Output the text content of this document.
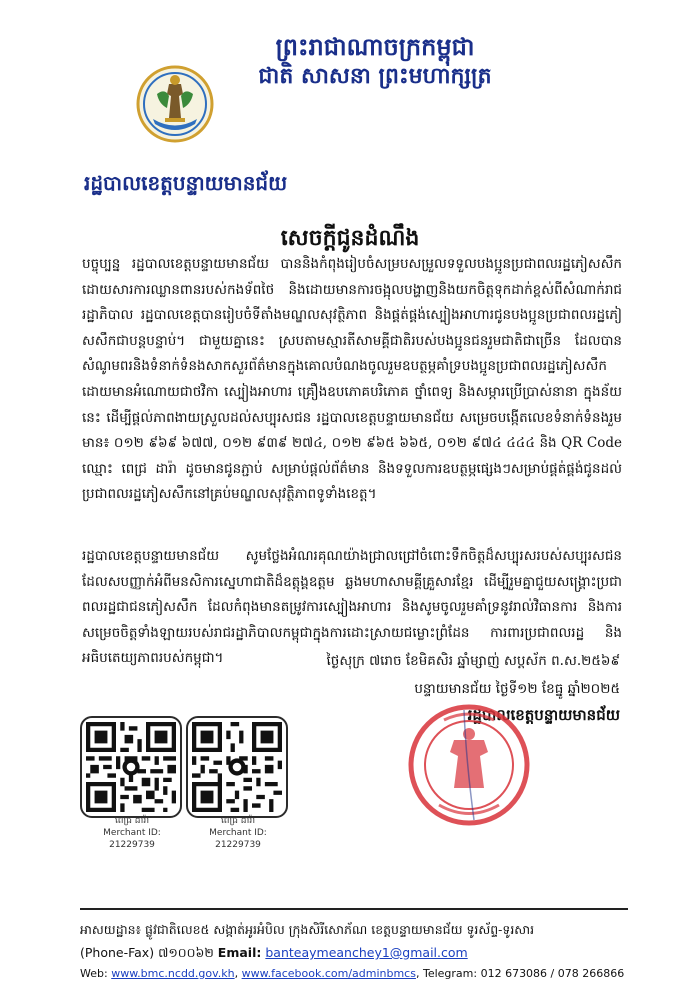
ព្រះរាជាណាចក្រកម្ពុជា
ជាតិ សាសនា ព្រះមហាក្សត្រ
រដ្ឋបាលខេត្តបន្ទាយមានជ័យ
សេចក្តីជូនដំណឹង
បច្ចុប្បន្ន រដ្ឋបាលខេត្តបន្ទាយមានជ័យ បាននិងកំពុងរៀបចំសម្របសម្រួលទទួលបងប្អូនប្រជាពលរដ្ឋភៀសសឹកដោយសារការឈ្លានពានរបស់កងទ័ពថៃ និងដោយមានការចង្អុលបង្ហាញនិងយកចិត្តទុកដាក់ខ្ពស់ពីសំណាក់រាជរដ្ឋាភិបាល រដ្ឋបាលខេត្តបានរៀបចំទីតាំងមណ្ឌលសុវត្ថិភាព និងផ្គត់ផ្គង់ស្បៀងអាហារជូនបងប្អូនប្រជាពលរដ្ឋភៀសសឹកជាបន្តបន្ទាប់។ ជាមួយគ្នានេះ ស្របតាមស្មារតីសាមគ្គីជាតិរបស់បងប្អូនជនរួមជាតិជាច្រើន ដែលបានសំណូមពរនិងទំនាក់ទំនងសាកសួរព័ត៌មានក្នុងគោលបំណងចូលរួមឧបត្ថម្ភគាំទ្របងប្អូនប្រជាពលរដ្ឋភៀសសឹក ដោយមានអំណោយជាថវិកា ស្បៀងអាហារ គ្រឿងឧបភោគបរិភោគ ថ្នាំពេទ្យ និងសម្ភារប្រើប្រាស់នានា ក្នុងន័យនេះ ដើម្បីផ្តល់ភាពងាយស្រួលដល់សប្បុរសជន រដ្ឋបាលខេត្តបន្ទាយមានជ័យ សម្រេចបង្កើតលេខទំនាក់ទំនងរួមមាន៖ ០១២ ៩៦៩ ៦៧៧, ០១២ ៩៣៩ ២៧៤, ០១២ ៩៦៥ ៦៦៥, ០១២ ៩៧៤ ៤៤៤ និង QR Code ឈ្មោះ ពេជ្រ ដារ៉ា ដូចមានជូនភ្ជាប់ សម្រាប់ផ្តល់ព័ត៌មាន និងទទួលការឧបត្ថម្ភផ្សេងៗសម្រាប់ផ្គត់ផ្គង់ជូនដល់ប្រជាពលរដ្ឋភៀសសឹកនៅគ្រប់មណ្ឌលសុវត្ថិភាពទូទាំងខេត្ត។
រដ្ឋបាលខេត្តបន្ទាយមានជ័យ សូមថ្លែងអំណរគុណយ៉ាងជ្រាលជ្រៅចំពោះទឹកចិត្តដ៏សប្បុរសរបស់សប្បុរសជន ដែលសបញ្ញាក់អំពីមនសិការស្នេហាជាតិដ៏ឧត្តុង្គឧត្តម ឆ្លងមហាសាមគ្គីគ្រួសារខ្មែរ ដើម្បីរួមគ្នាជួយសង្គ្រោះប្រជាពលរដ្ឋជាជនភៀសសឹក ដែលកំពុងមានតម្រូវការស្បៀងអាហារ និងសូមចូលរួមគាំទ្រនូវរាល់វិធានការ និងការសម្រេចចិត្តទាំងឡាយរបស់រាជរដ្ឋាភិបាលកម្ពុជាក្នុងការដោះស្រាយជម្លោះព្រំដែន ការពារប្រជាពលរដ្ឋ និងអធិបតេយ្យភាពរបស់កម្ពុជា។	ថ្ងៃសុក្រ ៧រោច ខែមិគសិរ ឆ្នាំម្សាញ់ សប្តស័ក ព.ស.២៥៦៩
បន្ទាយមានជ័យ ថ្ងៃទី១២ ខែធ្នូ ឆ្នាំ២០២៥
រដ្ឋបាលខេត្តបន្ទាយមានជ័យ
ពេជ្រ ដារ៉ា
Merchant ID: 21229739
ពេជ្រ ដារ៉ា
Merchant ID: 21229739
អាសយដ្ឋាន៖ ផ្លូវជាតិលេខ៥ សង្កាត់អូរអំបិល ក្រុងសិរីសោភ័ណ ខេត្តបន្ទាយមានជ័យ ទូរស័ព្ទ-ទូរសារ
(Phone-Fax) ៧១០០៦២ Email: banteaymeanchey1@gmail.com
Web: www.bmc.ncdd.gov.kh, www.facebook.com/adminbmcs, Telegram: 012 673086 / 078 266866
